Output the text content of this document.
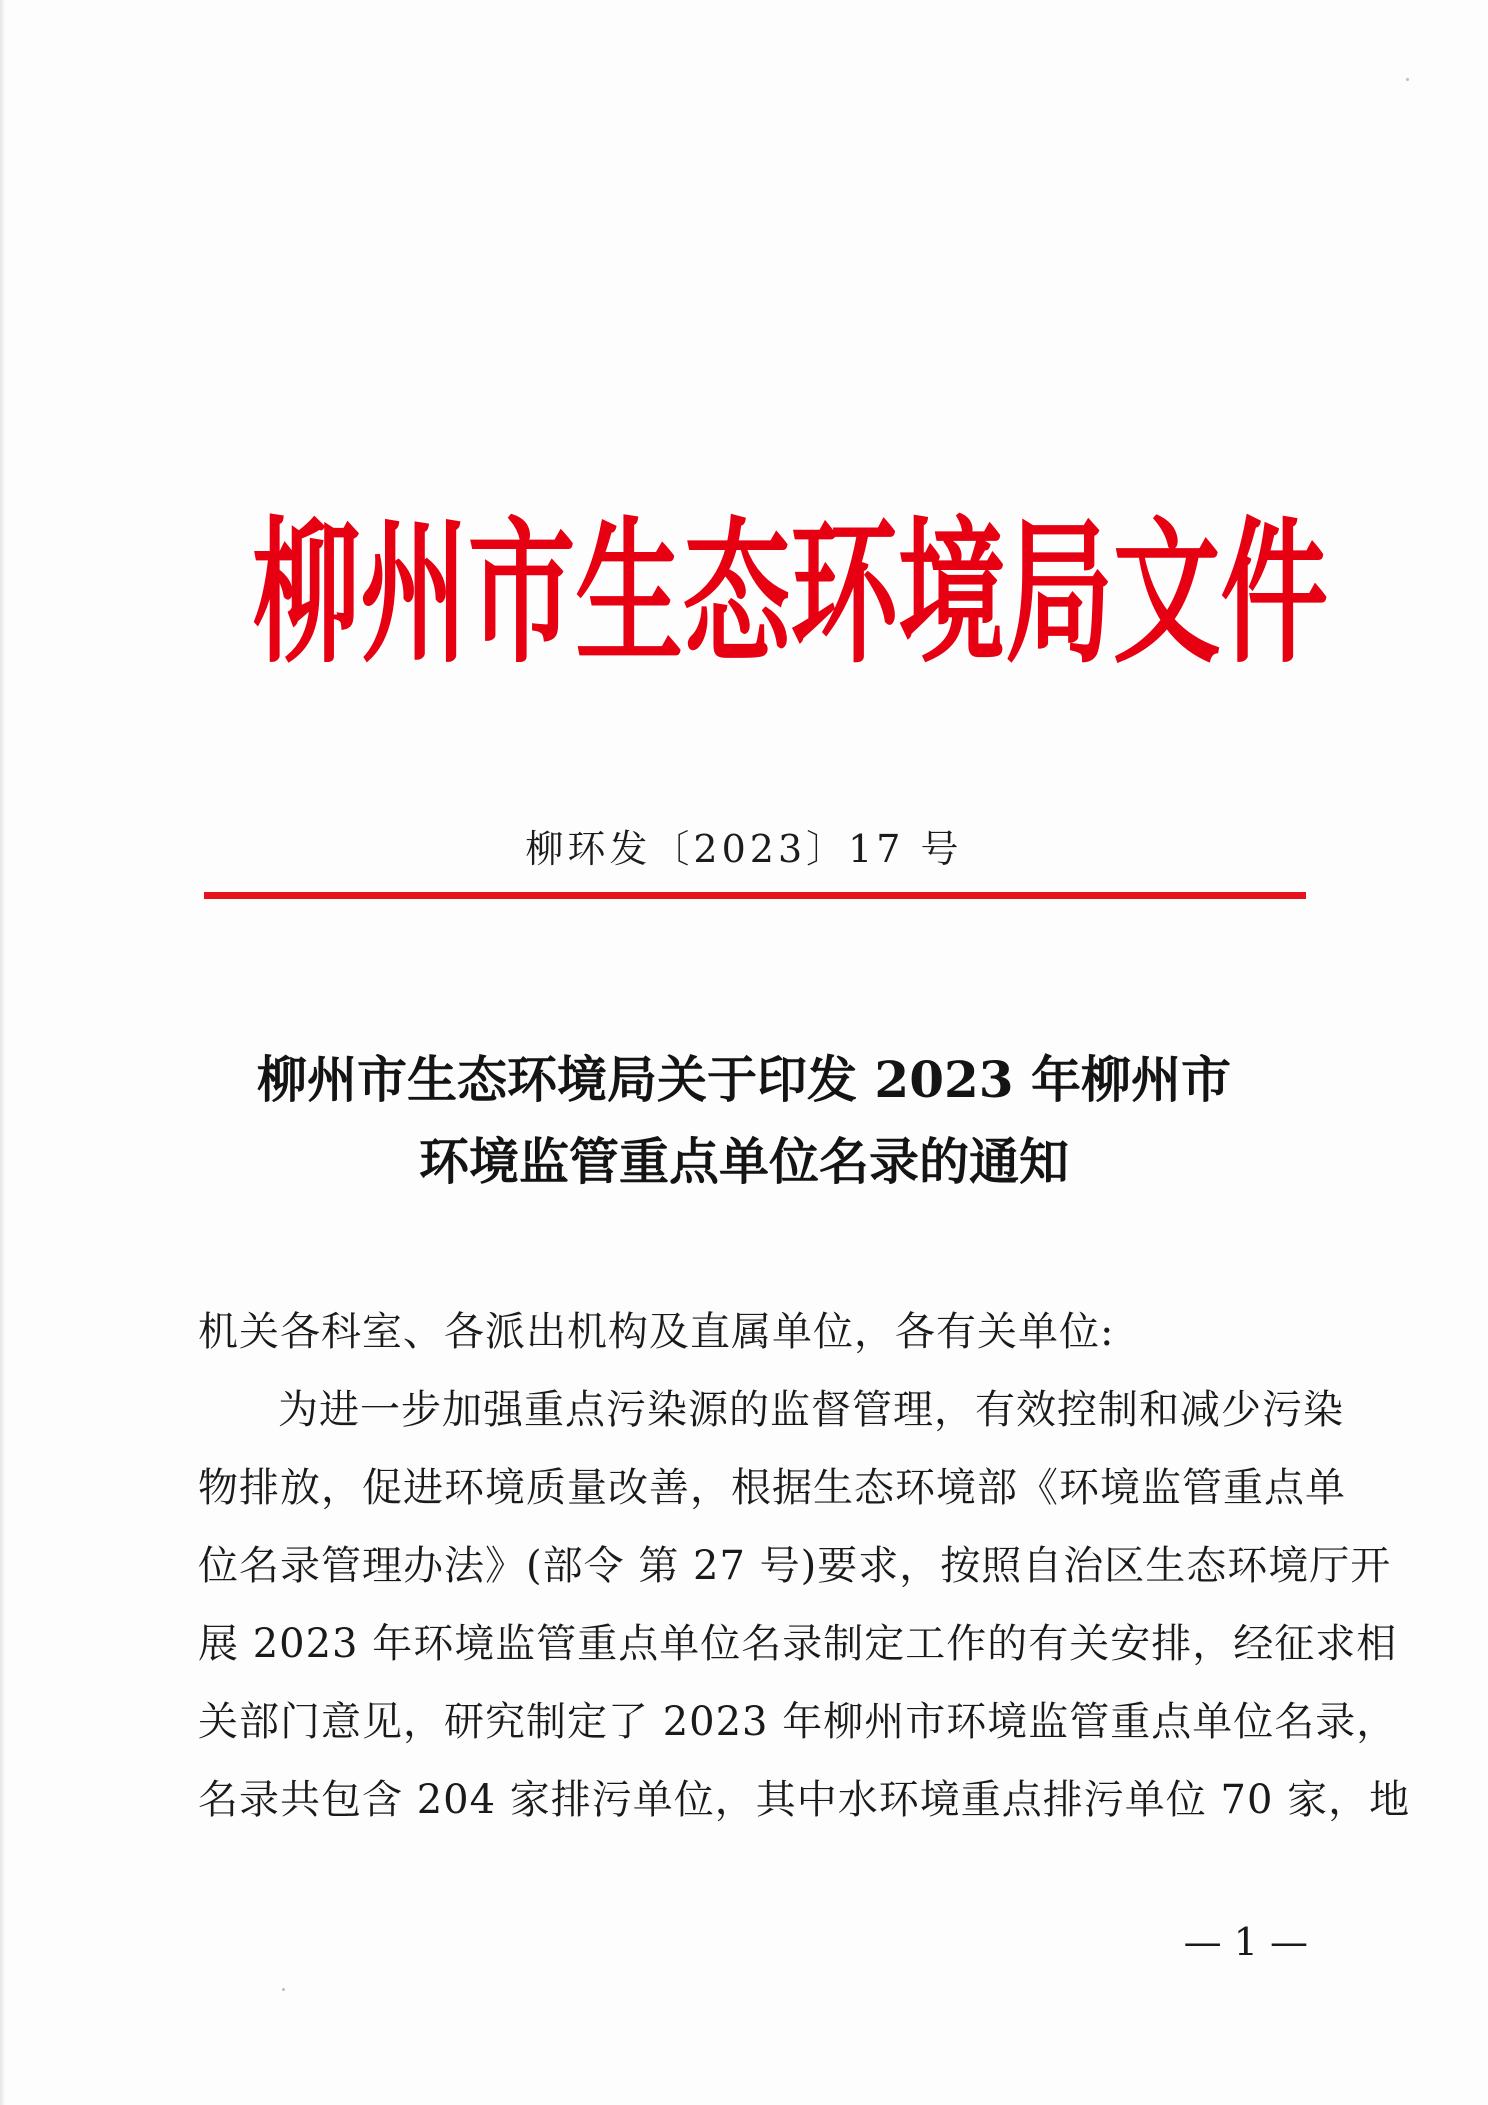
柳州市生态环境局文件
柳环发〔2023〕17 号
柳州市生态环境局关于印发 2023 年柳州市
环境监管重点单位名录的通知
机关各科室、各派出机构及直属单位，各有关单位:
为进一步加强重点污染源的监督管理，有效控制和减少污染
物排放，促进环境质量改善，根据生态环境部《环境监管重点单
位名录管理办法》(部令 第 27 号)要求，按照自治区生态环境厅开
展 2023 年环境监管重点单位名录制定工作的有关安排，经征求相
关部门意见，研究制定了 2023 年柳州市环境监管重点单位名录，
名录共包含 204 家排污单位，其中水环境重点排污单位 70 家，地
— 1 —
